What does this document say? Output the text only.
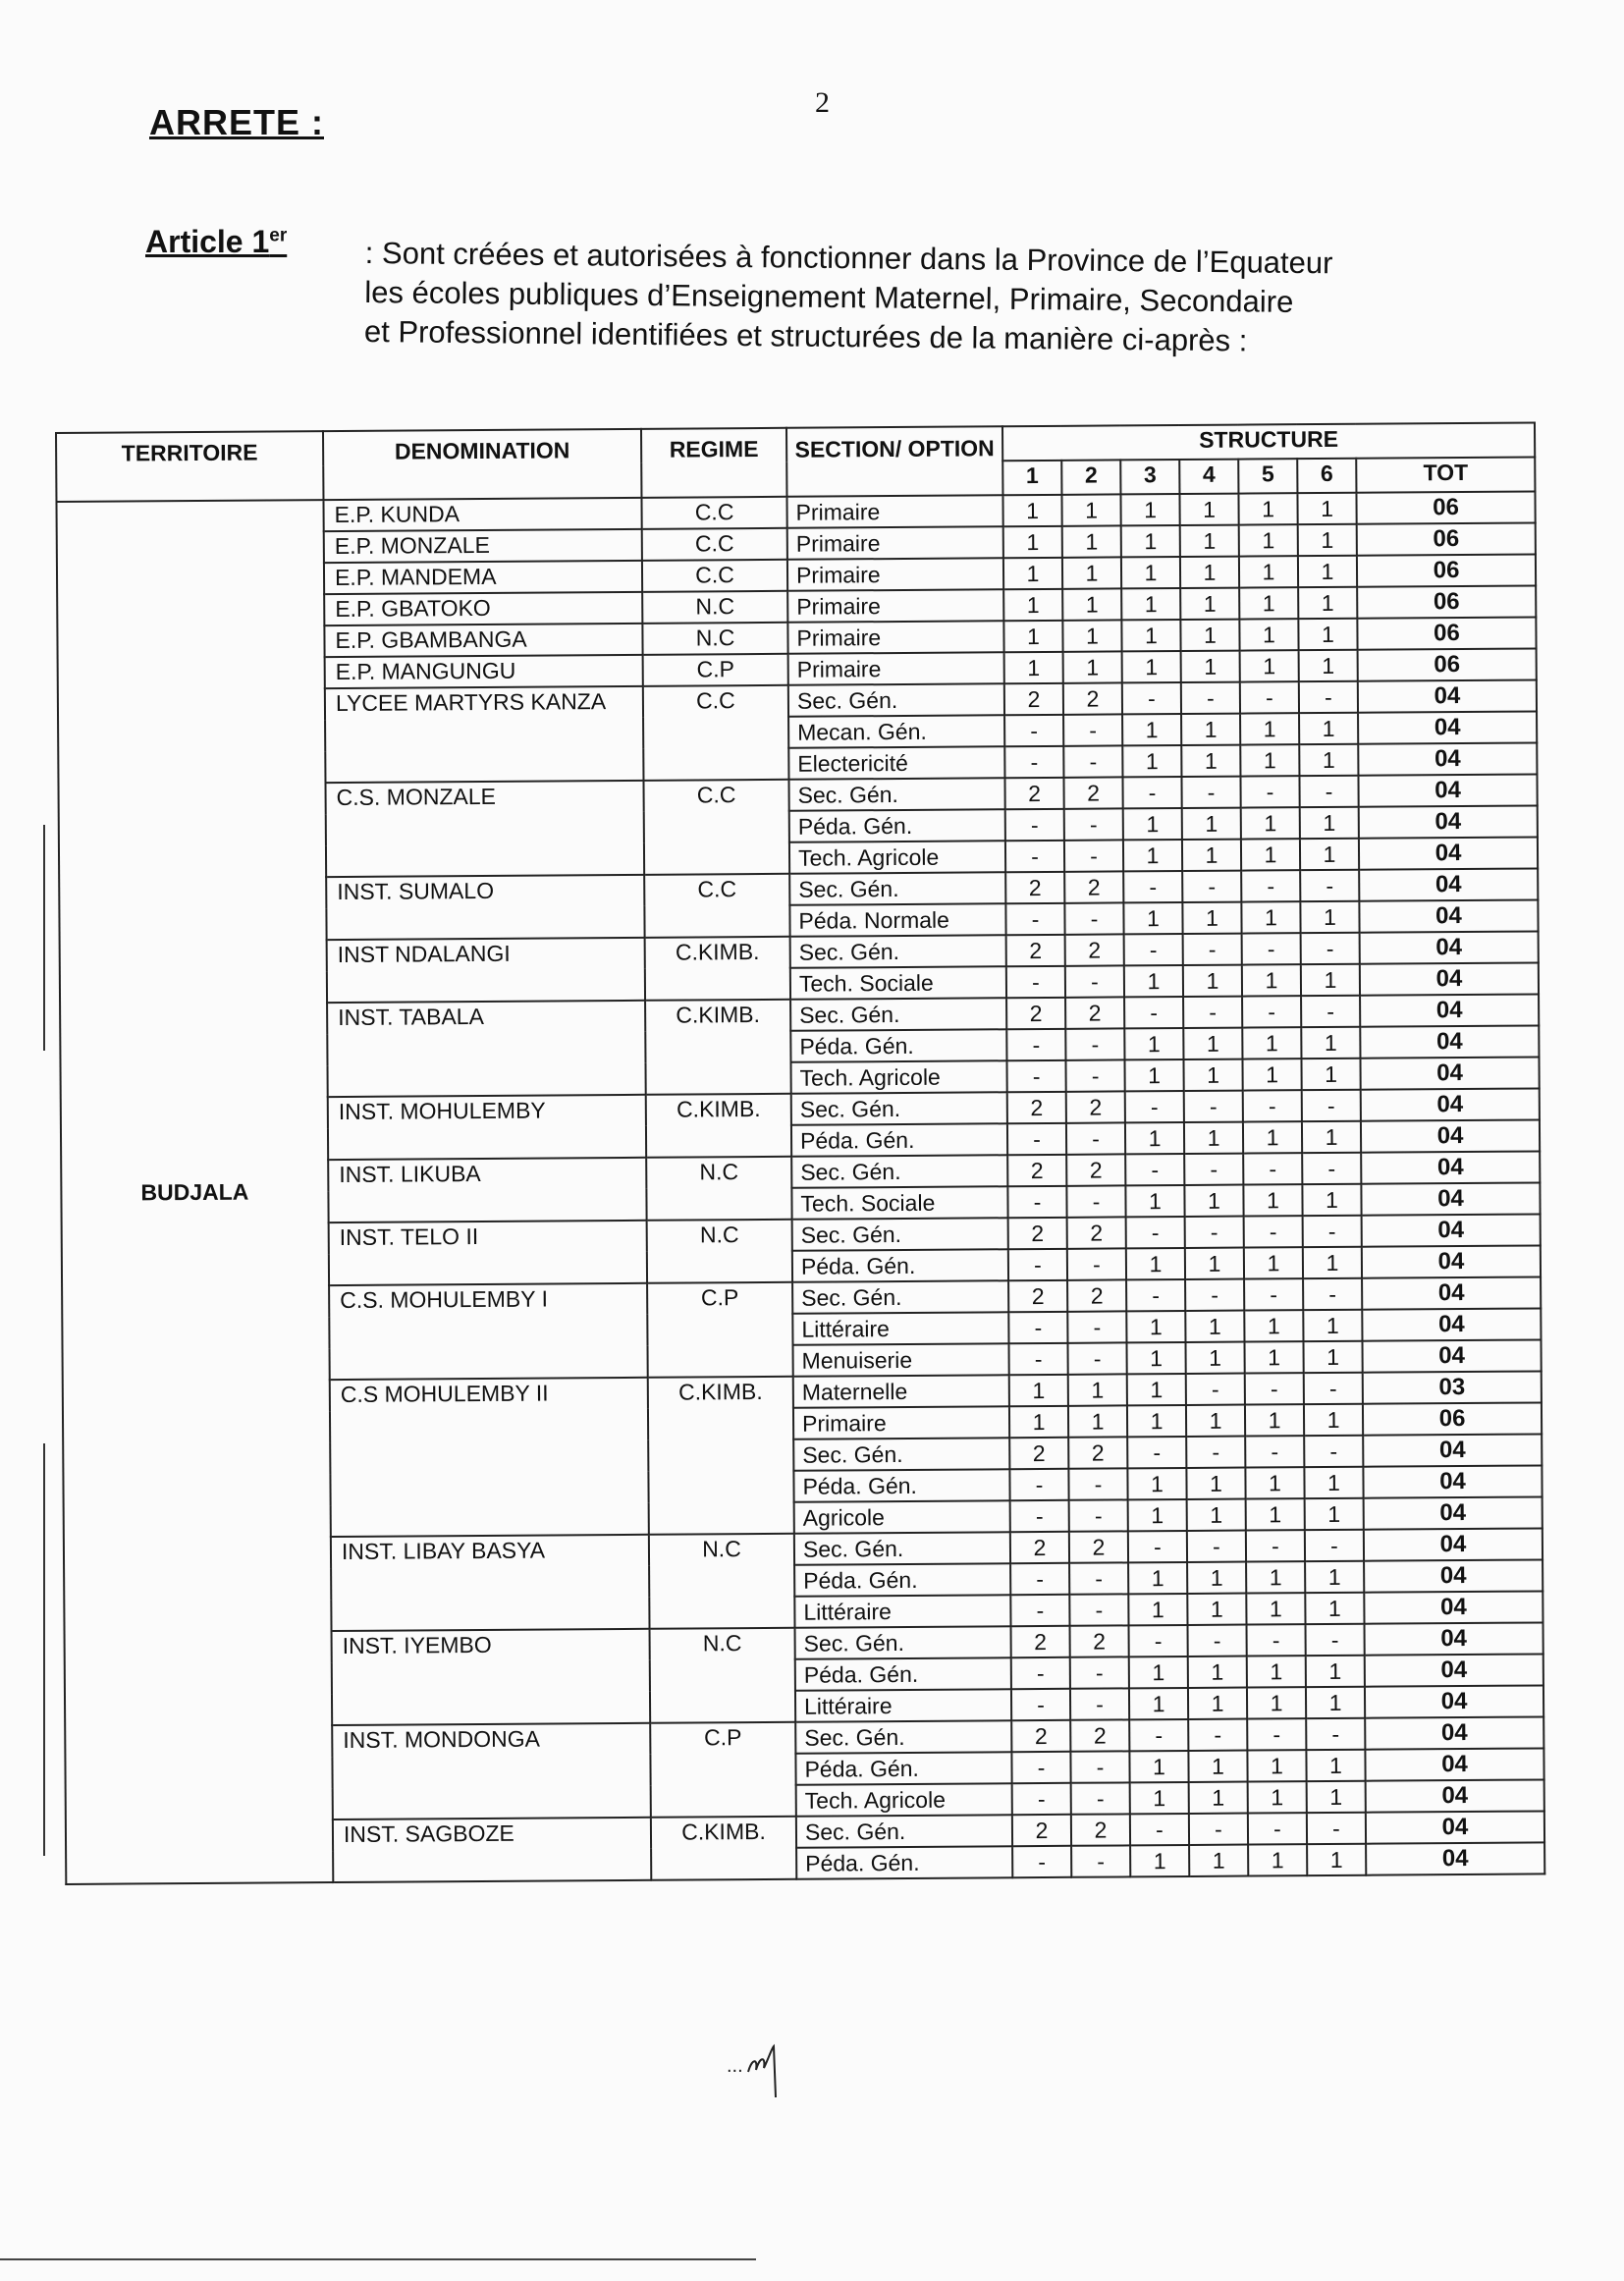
2
ARRETE :
Article 1er
: Sont créées et autorisées à fonctionner dans la Province de l’Equateur
les écoles publiques d’Enseignement Maternel, Primaire, Secondaire
et Professionnel identifiées et structurées de la manière ci-après :
TERRITOIRE	DENOMINATION	REGIME	SECTION/ OPTION	STRUCTURE						
				1	2	3	4	5	6	TOT
BUDJALA	E.P. KUNDA	C.C	Primaire	1	1	1	1	1	1	06
	E.P. MONZALE	C.C	Primaire	1	1	1	1	1	1	06
	E.P. MANDEMA	C.C	Primaire	1	1	1	1	1	1	06
	E.P. GBATOKO	N.C	Primaire	1	1	1	1	1	1	06
	E.P. GBAMBANGA	N.C	Primaire	1	1	1	1	1	1	06
	E.P. MANGUNGU	C.P	Primaire	1	1	1	1	1	1	06
	LYCEE MARTYRS KANZA	C.C	Sec. Gén.	2	2	-	-	-	-	04
			Mecan. Gén.	-	-	1	1	1	1	04
			Electericité	-	-	1	1	1	1	04
	C.S. MONZALE	C.C	Sec. Gén.	2	2	-	-	-	-	04
			Péda. Gén.	-	-	1	1	1	1	04
			Tech. Agricole	-	-	1	1	1	1	04
	INST. SUMALO	C.C	Sec. Gén.	2	2	-	-	-	-	04
			Péda. Normale	-	-	1	1	1	1	04
	INST NDALANGI	C.KIMB.	Sec. Gén.	2	2	-	-	-	-	04
			Tech. Sociale	-	-	1	1	1	1	04
	INST. TABALA	C.KIMB.	Sec. Gén.	2	2	-	-	-	-	04
			Péda. Gén.	-	-	1	1	1	1	04
			Tech. Agricole	-	-	1	1	1	1	04
	INST. MOHULEMBY	C.KIMB.	Sec. Gén.	2	2	-	-	-	-	04
			Péda. Gén.	-	-	1	1	1	1	04
	INST. LIKUBA	N.C	Sec. Gén.	2	2	-	-	-	-	04
			Tech. Sociale	-	-	1	1	1	1	04
	INST. TELO II	N.C	Sec. Gén.	2	2	-	-	-	-	04
			Péda. Gén.	-	-	1	1	1	1	04
	C.S. MOHULEMBY I	C.P	Sec. Gén.	2	2	-	-	-	-	04
			Littéraire	-	-	1	1	1	1	04
			Menuiserie	-	-	1	1	1	1	04
	C.S MOHULEMBY II	C.KIMB.	Maternelle	1	1	1	-	-	-	03
			Primaire	1	1	1	1	1	1	06
			Sec. Gén.	2	2	-	-	-	-	04
			Péda. Gén.	-	-	1	1	1	1	04
			Agricole	-	-	1	1	1	1	04
	INST. LIBAY BASYA	N.C	Sec. Gén.	2	2	-	-	-	-	04
			Péda. Gén.	-	-	1	1	1	1	04
			Littéraire	-	-	1	1	1	1	04
	INST. IYEMBO	N.C	Sec. Gén.	2	2	-	-	-	-	04
			Péda. Gén.	-	-	1	1	1	1	04
			Littéraire	-	-	1	1	1	1	04
	INST. MONDONGA	C.P	Sec. Gén.	2	2	-	-	-	-	04
			Péda. Gén.	-	-	1	1	1	1	04
			Tech. Agricole	-	-	1	1	1	1	04
	INST. SAGBOZE	C.KIMB.	Sec. Gén.	2	2	-	-	-	-	04
			Péda. Gén.	-	-	1	1	1	1	04
...
